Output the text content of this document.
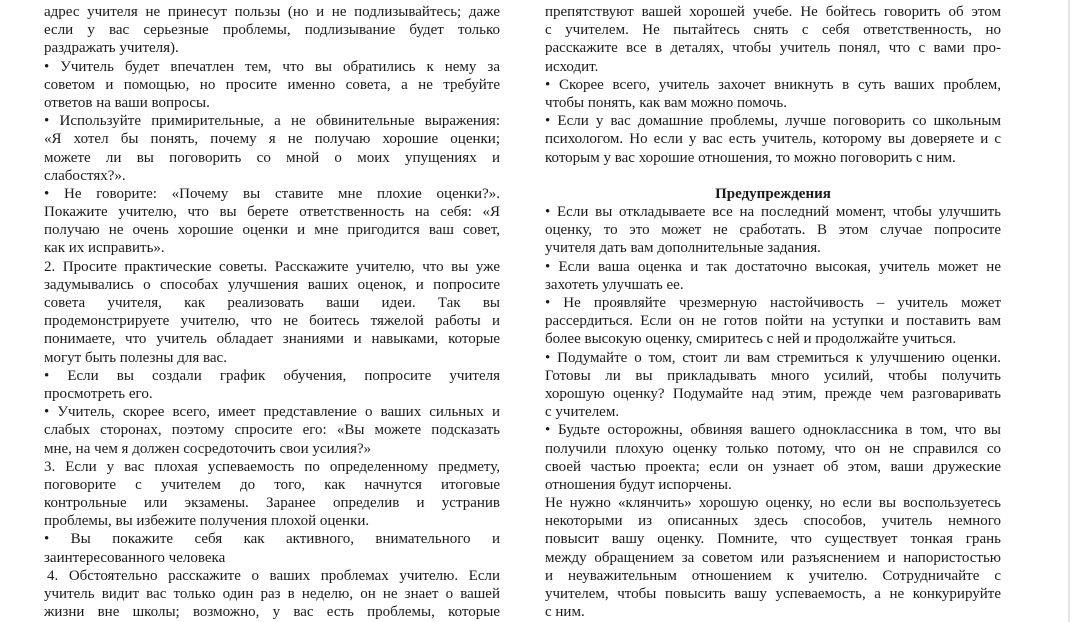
адрес учителя не принесут пользы (но и не подлизывайтесь; даже
если у вас серьезные проблемы, подлизывание будет только
раздражать учителя).
• Учитель будет впечатлен тем, что вы обратились к нему за
советом и помощью, но просите именно совета, а не требуйте
ответов на ваши вопросы.
• Используйте примирительные, а не обвинительные выражения:
«Я хотел бы понять, почему я не получаю хорошие оценки;
можете ли вы поговорить со мной о моих упущениях и
слабостях?».
• Не говорите: «Почему вы ставите мне плохие оценки?».
Покажите учителю, что вы берете ответственность на себя: «Я
получаю не очень хорошие оценки и мне пригодится ваш совет,
как их исправить».
2. Просите практические советы. Расскажите учителю, что вы уже
задумывались о способах улучшения ваших оценок, и попросите
совета учителя, как реализовать ваши идеи. Так вы
продемонстрируете учителю, что не боитесь тяжелой работы и
понимаете, что учитель обладает знаниями и навыками, которые
могут быть полезны для вас.
• Если вы создали график обучения, попросите учителя
просмотреть его.
• Учитель, скорее всего, имеет представление о ваших сильных и
слабых сторонах, поэтому спросите его: «Вы можете подсказать
мне, на чем я должен сосредоточить свои усилия?»
3. Если у вас плохая успеваемость по определенному предмету,
поговорите с учителем до того, как начнутся итоговые
контрольные или экзамены. Заранее определив и устранив
проблемы, вы избежите получения плохой оценки.
• Вы покажите себя как активного, внимательного и
заинтересованного человека
4. Обстоятельно расскажите о ваших проблемах учителю. Если
учитель видит вас только один раз в неделю, он не знает о вашей
жизни вне школы; возможно, у вас есть проблемы, которые
препятствуют вашей хорошей учебе. Не бойтесь говорить об этом
с учителем. Не пытайтесь снять с себя ответственность, но
расскажите все в деталях, чтобы учитель понял, что с вами про-
исходит.
• Скорее всего, учитель захочет вникнуть в суть ваших проблем,
чтобы понять, как вам можно помочь.
• Если у вас домашние проблемы, лучше поговорить со школьным
психологом. Но если у вас есть учитель, которому вы доверяете и с
которым у вас хорошие отношения, то можно поговорить с ним.
Предупреждения
• Если вы откладываете все на последний момент, чтобы улучшить
оценку, то это может не сработать. В этом случае попросите
учителя дать вам дополнительные задания.
• Если ваша оценка и так достаточно высокая, учитель может не
захотеть улучшать ее.
• Не проявляйте чрезмерную настойчивость – учитель может
рассердиться. Если он не готов пойти на уступки и поставить вам
более высокую оценку, смиритесь с ней и продолжайте учиться.
• Подумайте о том, стоит ли вам стремиться к улучшению оценки.
Готовы ли вы прикладывать много усилий, чтобы получить
хорошую оценку? Подумайте над этим, прежде чем разговаривать
с учителем.
• Будьте осторожны, обвиняя вашего одноклассника в том, что вы
получили плохую оценку только потому, что он не справился со
своей частью проекта; если он узнает об этом, ваши дружеские
отношения будут испорчены.
Не нужно «клянчить» хорошую оценку, но если вы воспользуетесь
некоторыми из описанных здесь способов, учитель немного
повысит вашу оценку. Помните, что существует тонкая грань
между обращением за советом или разъяснением и напористостью
и неуважительным отношением к учителю. Сотрудничайте с
учителем, чтобы повысить вашу успеваемость, а не конкурируйте
с ним.
